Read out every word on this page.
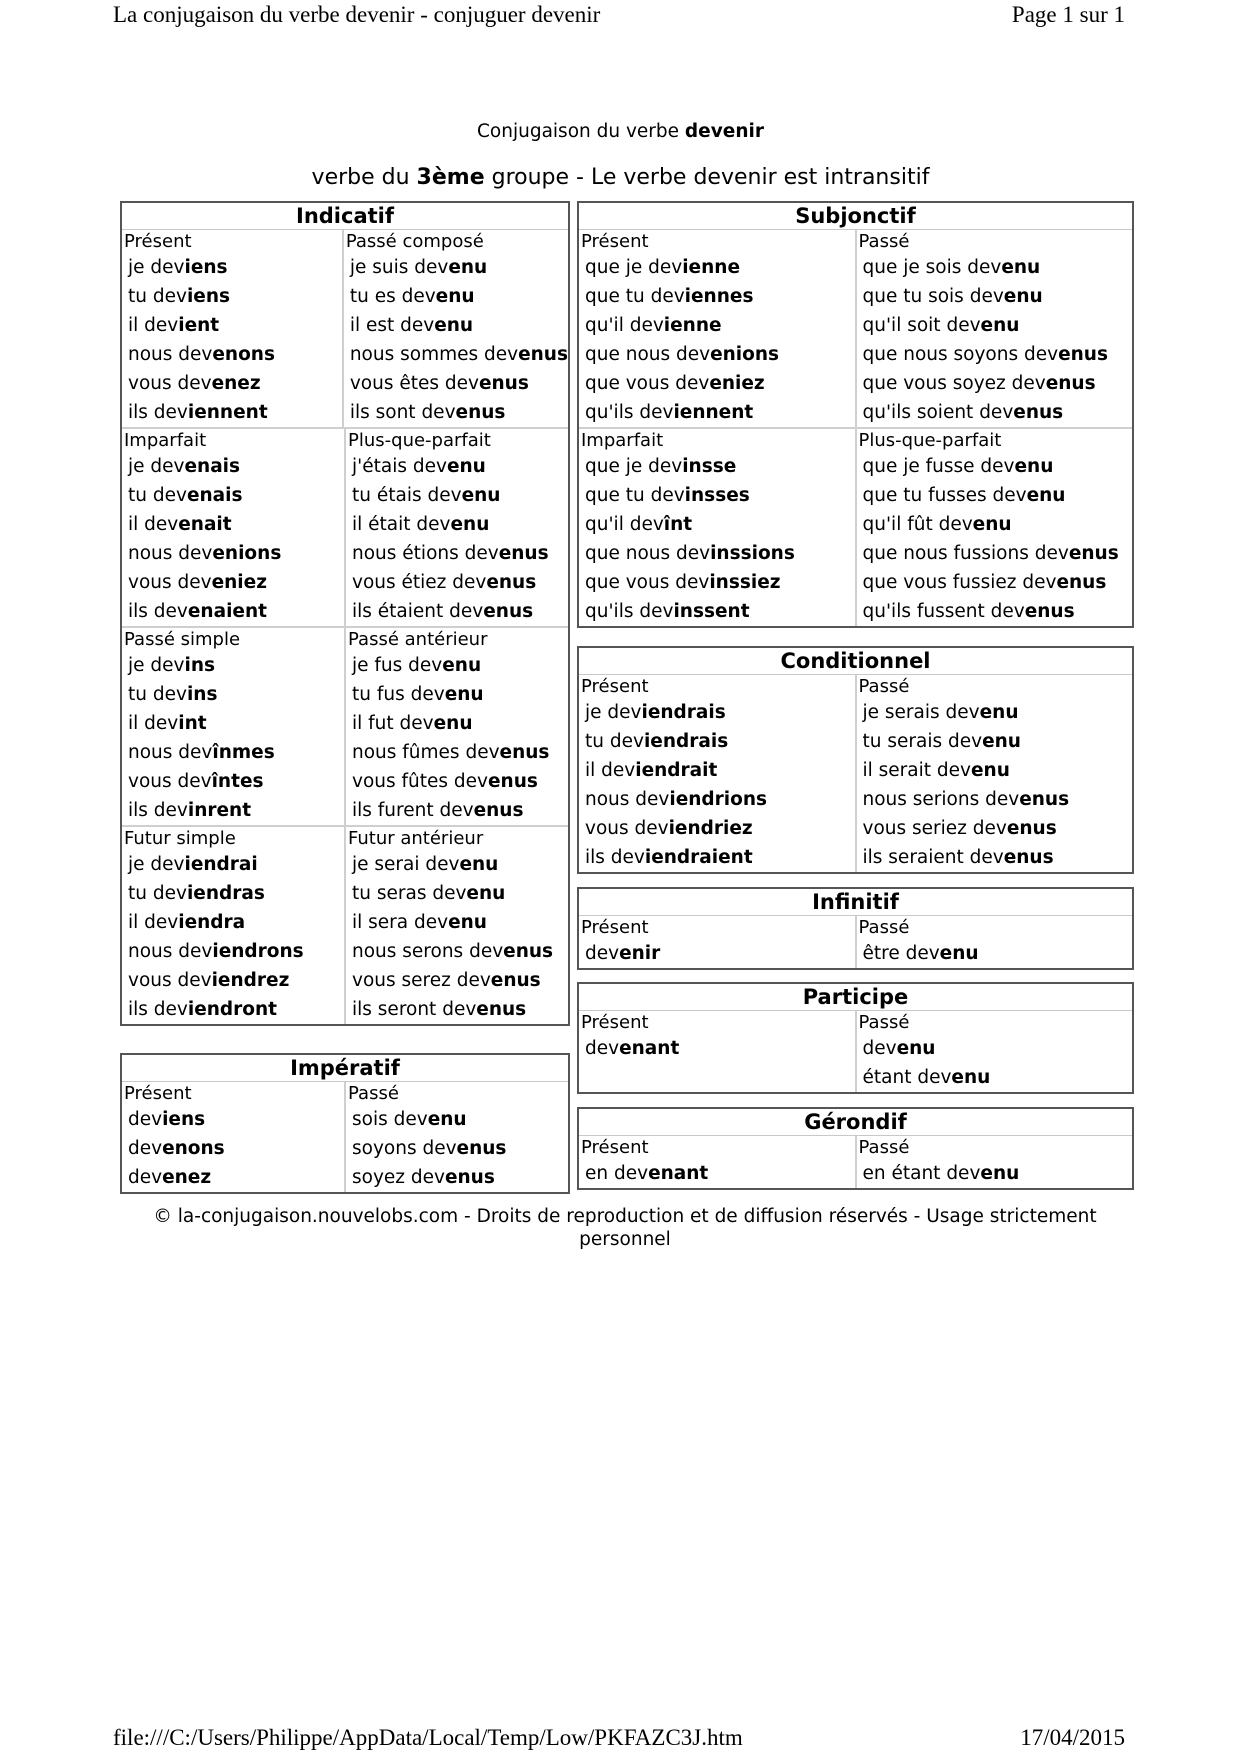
La conjugaison du verbe devenir - conjuguer devenir	Page 1 sur 1
Conjugaison du verbe devenir
verbe du 3ème groupe - Le verbe devenir est intransitif
Indicatif
Présent
je deviens
tu deviens
il devient
nous devenons
vous devenez
ils deviennent
Passé composé
je suis devenu
tu es devenu
il est devenu
nous sommes devenus
vous êtes devenus
ils sont devenus
Imparfait
je devenais
tu devenais
il devenait
nous devenions
vous deveniez
ils devenaient
Plus-que-parfait
j'étais devenu
tu étais devenu
il était devenu
nous étions devenus
vous étiez devenus
ils étaient devenus
Passé simple
je devins
tu devins
il devint
nous devînmes
vous devîntes
ils devinrent
Passé antérieur
je fus devenu
tu fus devenu
il fut devenu
nous fûmes devenus
vous fûtes devenus
ils furent devenus
Futur simple
je deviendrai
tu deviendras
il deviendra
nous deviendrons
vous deviendrez
ils deviendront
Futur antérieur
je serai devenu
tu seras devenu
il sera devenu
nous serons devenus
vous serez devenus
ils seront devenus
Impératif
Présent
deviens
devenons
devenez
Passé
sois devenu
soyons devenus
soyez devenus
Subjonctif
Présent
que je devienne
que tu deviennes
qu'il devienne
que nous devenions
que vous deveniez
qu'ils deviennent
Passé
que je sois devenu
que tu sois devenu
qu'il soit devenu
que nous soyons devenus
que vous soyez devenus
qu'ils soient devenus
Imparfait
que je devinsse
que tu devinsses
qu'il devînt
que nous devinssions
que vous devinssiez
qu'ils devinssent
Plus-que-parfait
que je fusse devenu
que tu fusses devenu
qu'il fût devenu
que nous fussions devenus
que vous fussiez devenus
qu'ils fussent devenus
Conditionnel
Présent
je deviendrais
tu deviendrais
il deviendrait
nous deviendrions
vous deviendriez
ils deviendraient
Passé
je serais devenu
tu serais devenu
il serait devenu
nous serions devenus
vous seriez devenus
ils seraient devenus
Infinitif
Présent
devenir
Passé
être devenu
Participe
Présent
devenant
Passé
devenu
étant devenu
Gérondif
Présent
en devenant
Passé
en étant devenu
© la-conjugaison.nouvelobs.com - Droits de reproduction et de diffusion réservés - Usage strictement personnel
file:///C:/Users/Philippe/AppData/Local/Temp/Low/PKFAZC3J.htm	17/04/2015
